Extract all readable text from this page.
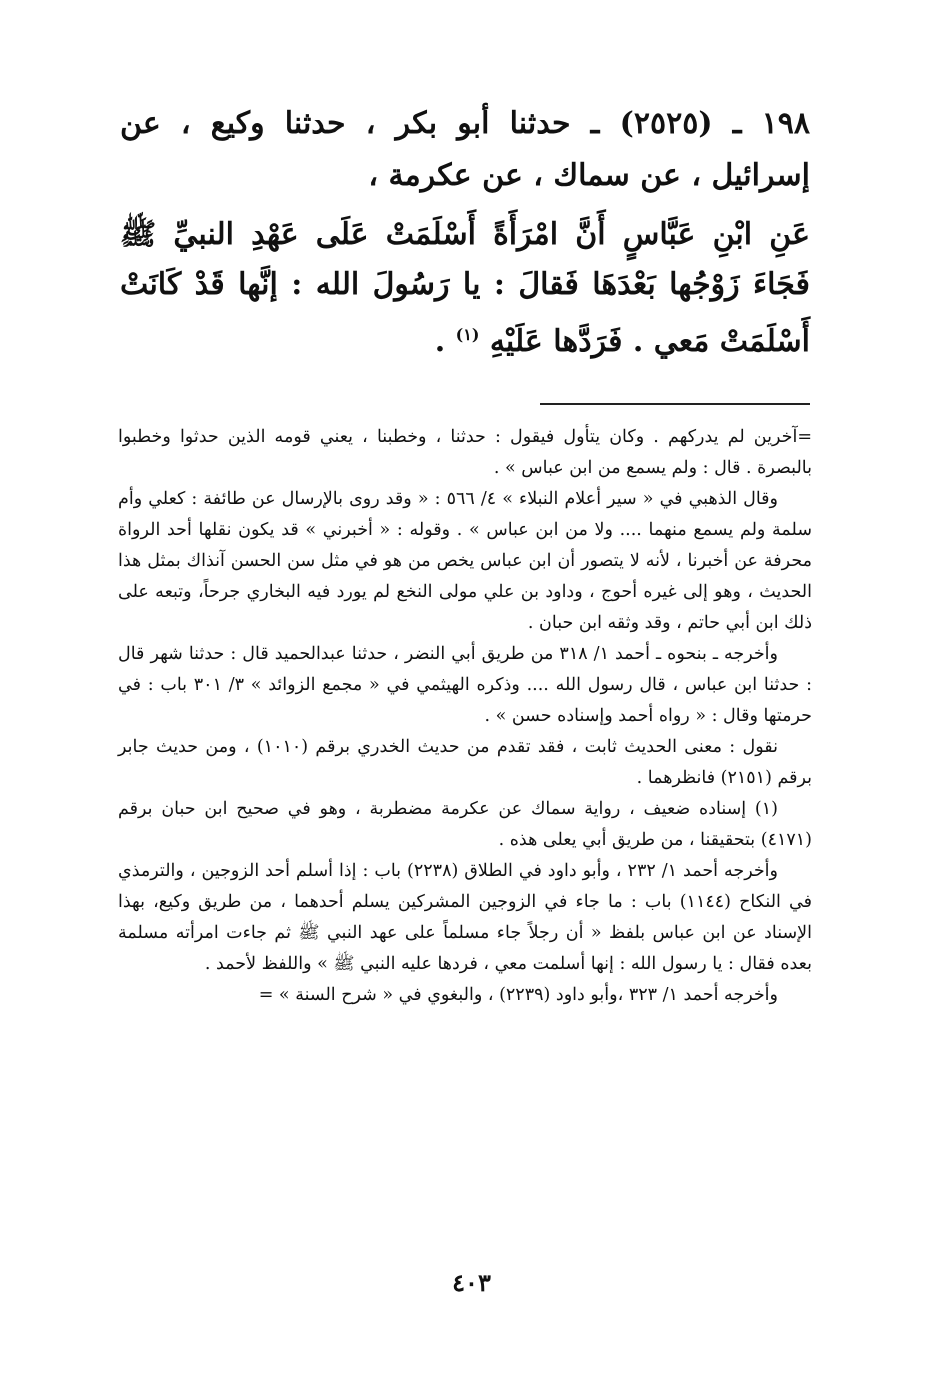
١٩٨ ـ (٢٥٢٥) ـ حدثنا أبو بكر ، حدثنا وكيع ، عن إسرائيل ، عن سماك ، عن عكرمة ،

عَنِ ابْنِ عَبَّاسٍ أَنَّ امْرَأَةً أَسْلَمَتْ عَلَى عَهْدِ النبيِّ ﷺ فَجَاءَ زَوْجُها بَعْدَهَا فَقالَ : يا رَسُولَ الله : إنَّها قَدْ كَانَتْ أَسْلَمَتْ مَعي . فَرَدَّها عَلَيْهِ $^{(١)}$ .

=آخرين لم يدركهم . وكان يتأول فيقول : حدثنا ، وخطبنا ، يعني قومه الذين حدثوا وخطبوا بالبصرة . قال : ولم يسمع من ابن عباس » .

وقال الذهبي في « سير أعلام النبلاء » ٤/ ٥٦٦ : « وقد روى بالإرسال عن طائفة : كعلي وأم سلمة ولم يسمع منهما .... ولا من ابن عباس » . وقوله : « أخبرني » قد يكون نقلها أحد الرواة محرفة عن أخبرنا ، لأنه لا يتصور أن ابن عباس يخص من هو في مثل سن الحسن آنذاك بمثل هذا الحديث ، وهو إلى غيره أحوج ، وداود بن علي مولى النخع لم يورد فيه البخاري جرحاً، وتبعه على ذلك ابن أبي حاتم ، وقد وثقه ابن حبان .

وأخرجه ـ بنحوه ـ أحمد ١/ ٣١٨ من طريق أبي النضر ، حدثنا عبدالحميد قال : حدثنا شهر قال : حدثنا ابن عباس ، قال رسول الله .... وذكره الهيثمي في « مجمع الزوائد » ٣/ ٣٠١ باب : في حرمتها وقال : « رواه أحمد وإسناده حسن » .

نقول : معنى الحديث ثابت ، فقد تقدم من حديث الخدري برقم (١٠١٠) ، ومن حديث جابر برقم (٢١٥١) فانظرهما .

(١) إسناده ضعيف ، رواية سماك عن عكرمة مضطربة ، وهو في صحيح ابن حبان برقم (٤١٧١) بتحقيقنا ، من طريق أبي يعلى هذه .

وأخرجه أحمد ١/ ٢٣٢ ، وأبو داود في الطلاق (٢٢٣٨) باب : إذا أسلم أحد الزوجين ، والترمذي في النكاح (١١٤٤) باب : ما جاء في الزوجين المشركين يسلم أحدهما ، من طريق وكيع، بهذا الإسناد عن ابن عباس بلفظ « أن رجلاً جاء مسلماً على عهد النبي ﷺ ثم جاءت امرأته مسلمة بعده فقال : يا رسول الله : إنها أسلمت معي ، فردها عليه النبي ﷺ » واللفظ لأحمد .

وأخرجه أحمد ١/ ٣٢٣ ،وأبو داود (٢٢٣٩) ، والبغوي في « شرح السنة » =

٤٠٣
